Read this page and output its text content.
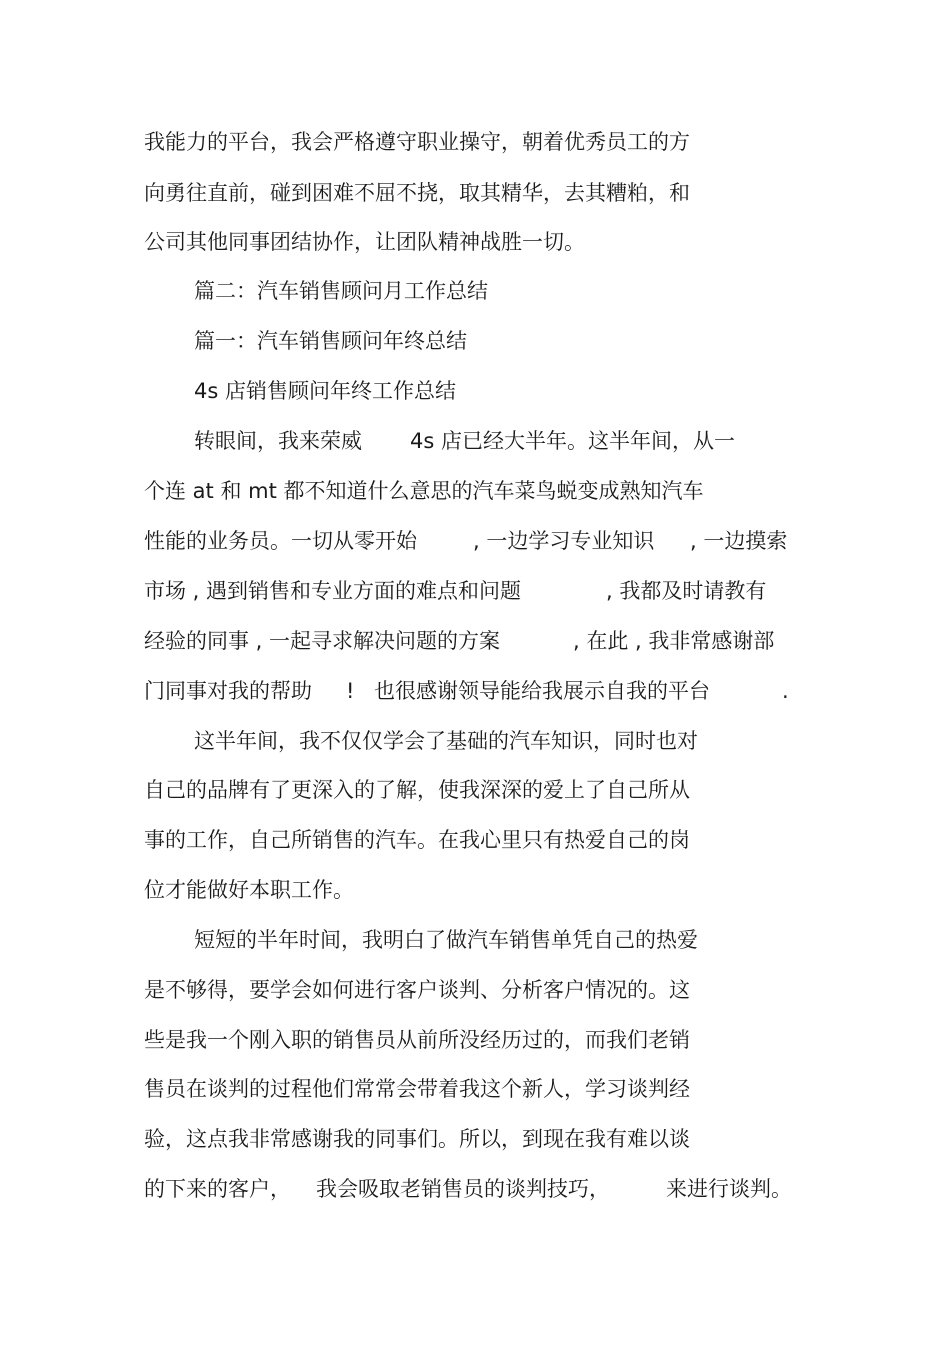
我能力的平台，我会严格遵守职业操守，朝着优秀员工的方
向勇往直前，碰到困难不屈不挠，取其精华，去其糟粕，和
公司其他同事团结协作，让团队精神战胜一切。
篇二：汽车销售顾问月工作总结
篇一：汽车销售顾问年终总结
4s 店销售顾问年终工作总结
转眼间，我来荣威 4s 店已经大半年。这半年间，从一
个连 at 和 mt 都不知道什么意思的汽车菜鸟蜕变成熟知汽车
性能的业务员。一切从零开始	, 一边学习专业知识 , 一边摸索
市场 , 遇到销售和专业方面的难点和问题	, 我都及时请教有
经验的同事 , 一起寻求解决问题的方案	, 在此 , 我非常感谢部
门同事对我的帮助 ! 也很感谢领导能给我展示自我的平台	.
这半年间，我不仅仅学会了基础的汽车知识，同时也对
自己的品牌有了更深入的了解，使我深深的爱上了自己所从
事的工作，自己所销售的汽车。在我心里只有热爱自己的岗
位才能做好本职工作。
短短的半年时间，我明白了做汽车销售单凭自己的热爱
是不够得，要学会如何进行客户谈判、分析客户情况的。这
些是我一个刚入职的销售员从前所没经历过的，而我们老销
售员在谈判的过程他们常常会带着我这个新人，学习谈判经
验，这点我非常感谢我的同事们。所以，到现在我有难以谈
的下来的客户， 我会吸取老销售员的谈判技巧，	来进行谈判。
